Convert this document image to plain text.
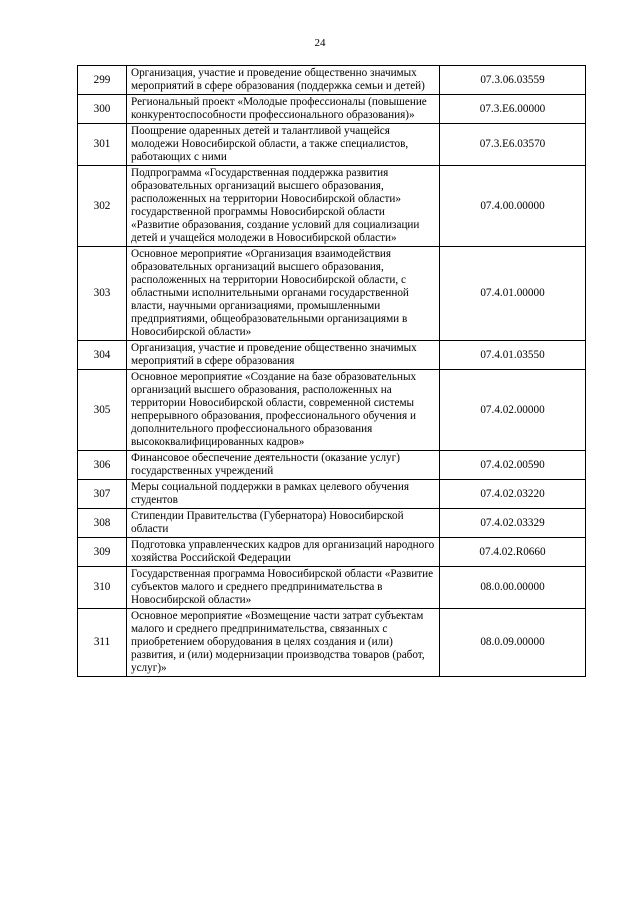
24
299	Организация, участие и проведение общественно значимых мероприятий в сфере образования (поддержка семьи и детей)	07.3.06.03559
300	Региональный проект «Молодые профессионалы (повышение конкурентоспособности профессионального образования)»	07.3.Е6.00000
301	Поощрение одаренных детей и талантливой учащейся молодежи Новосибирской области, а также специалистов, работающих с ними	07.3.Е6.03570
302	Подпрограмма «Государственная поддержка развития образовательных организаций высшего образования, расположенных на территории Новосибирской области» государственной программы Новосибирской области «Развитие образования, создание условий для социализации детей и учащейся молодежи в Новосибирской области»	07.4.00.00000
303	Основное мероприятие «Организация взаимодействия образовательных организаций высшего образования, расположенных на территории Новосибирской области, с областными исполнительными органами государственной власти, научными организациями, промышленными предприятиями, общеобразовательными организациями в Новосибирской области»	07.4.01.00000
304	Организация, участие и проведение общественно значимых мероприятий в сфере образования	07.4.01.03550
305	Основное мероприятие «Создание на базе образовательных организаций высшего образования, расположенных на территории Новосибирской области, современной системы непрерывного образования, профессионального обучения и дополнительного профессионального образования высококвалифицированных кадров»	07.4.02.00000
306	Финансовое обеспечение деятельности (оказание услуг) государственных учреждений	07.4.02.00590
307	Меры социальной поддержки в рамках целевого обучения студентов	07.4.02.03220
308	Стипендии Правительства (Губернатора) Новосибирской области	07.4.02.03329
309	Подготовка управленческих кадров для организаций народного хозяйства Российской Федерации	07.4.02.R0660
310	Государственная программа Новосибирской области «Развитие субъектов малого и среднего предпринимательства в Новосибирской области»	08.0.00.00000
311	Основное мероприятие «Возмещение части затрат субъектам малого и среднего предпринимательства, связанных с приобретением оборудования в целях создания и (или) развития, и (или) модернизации производства товаров (работ, услуг)»	08.0.09.00000
